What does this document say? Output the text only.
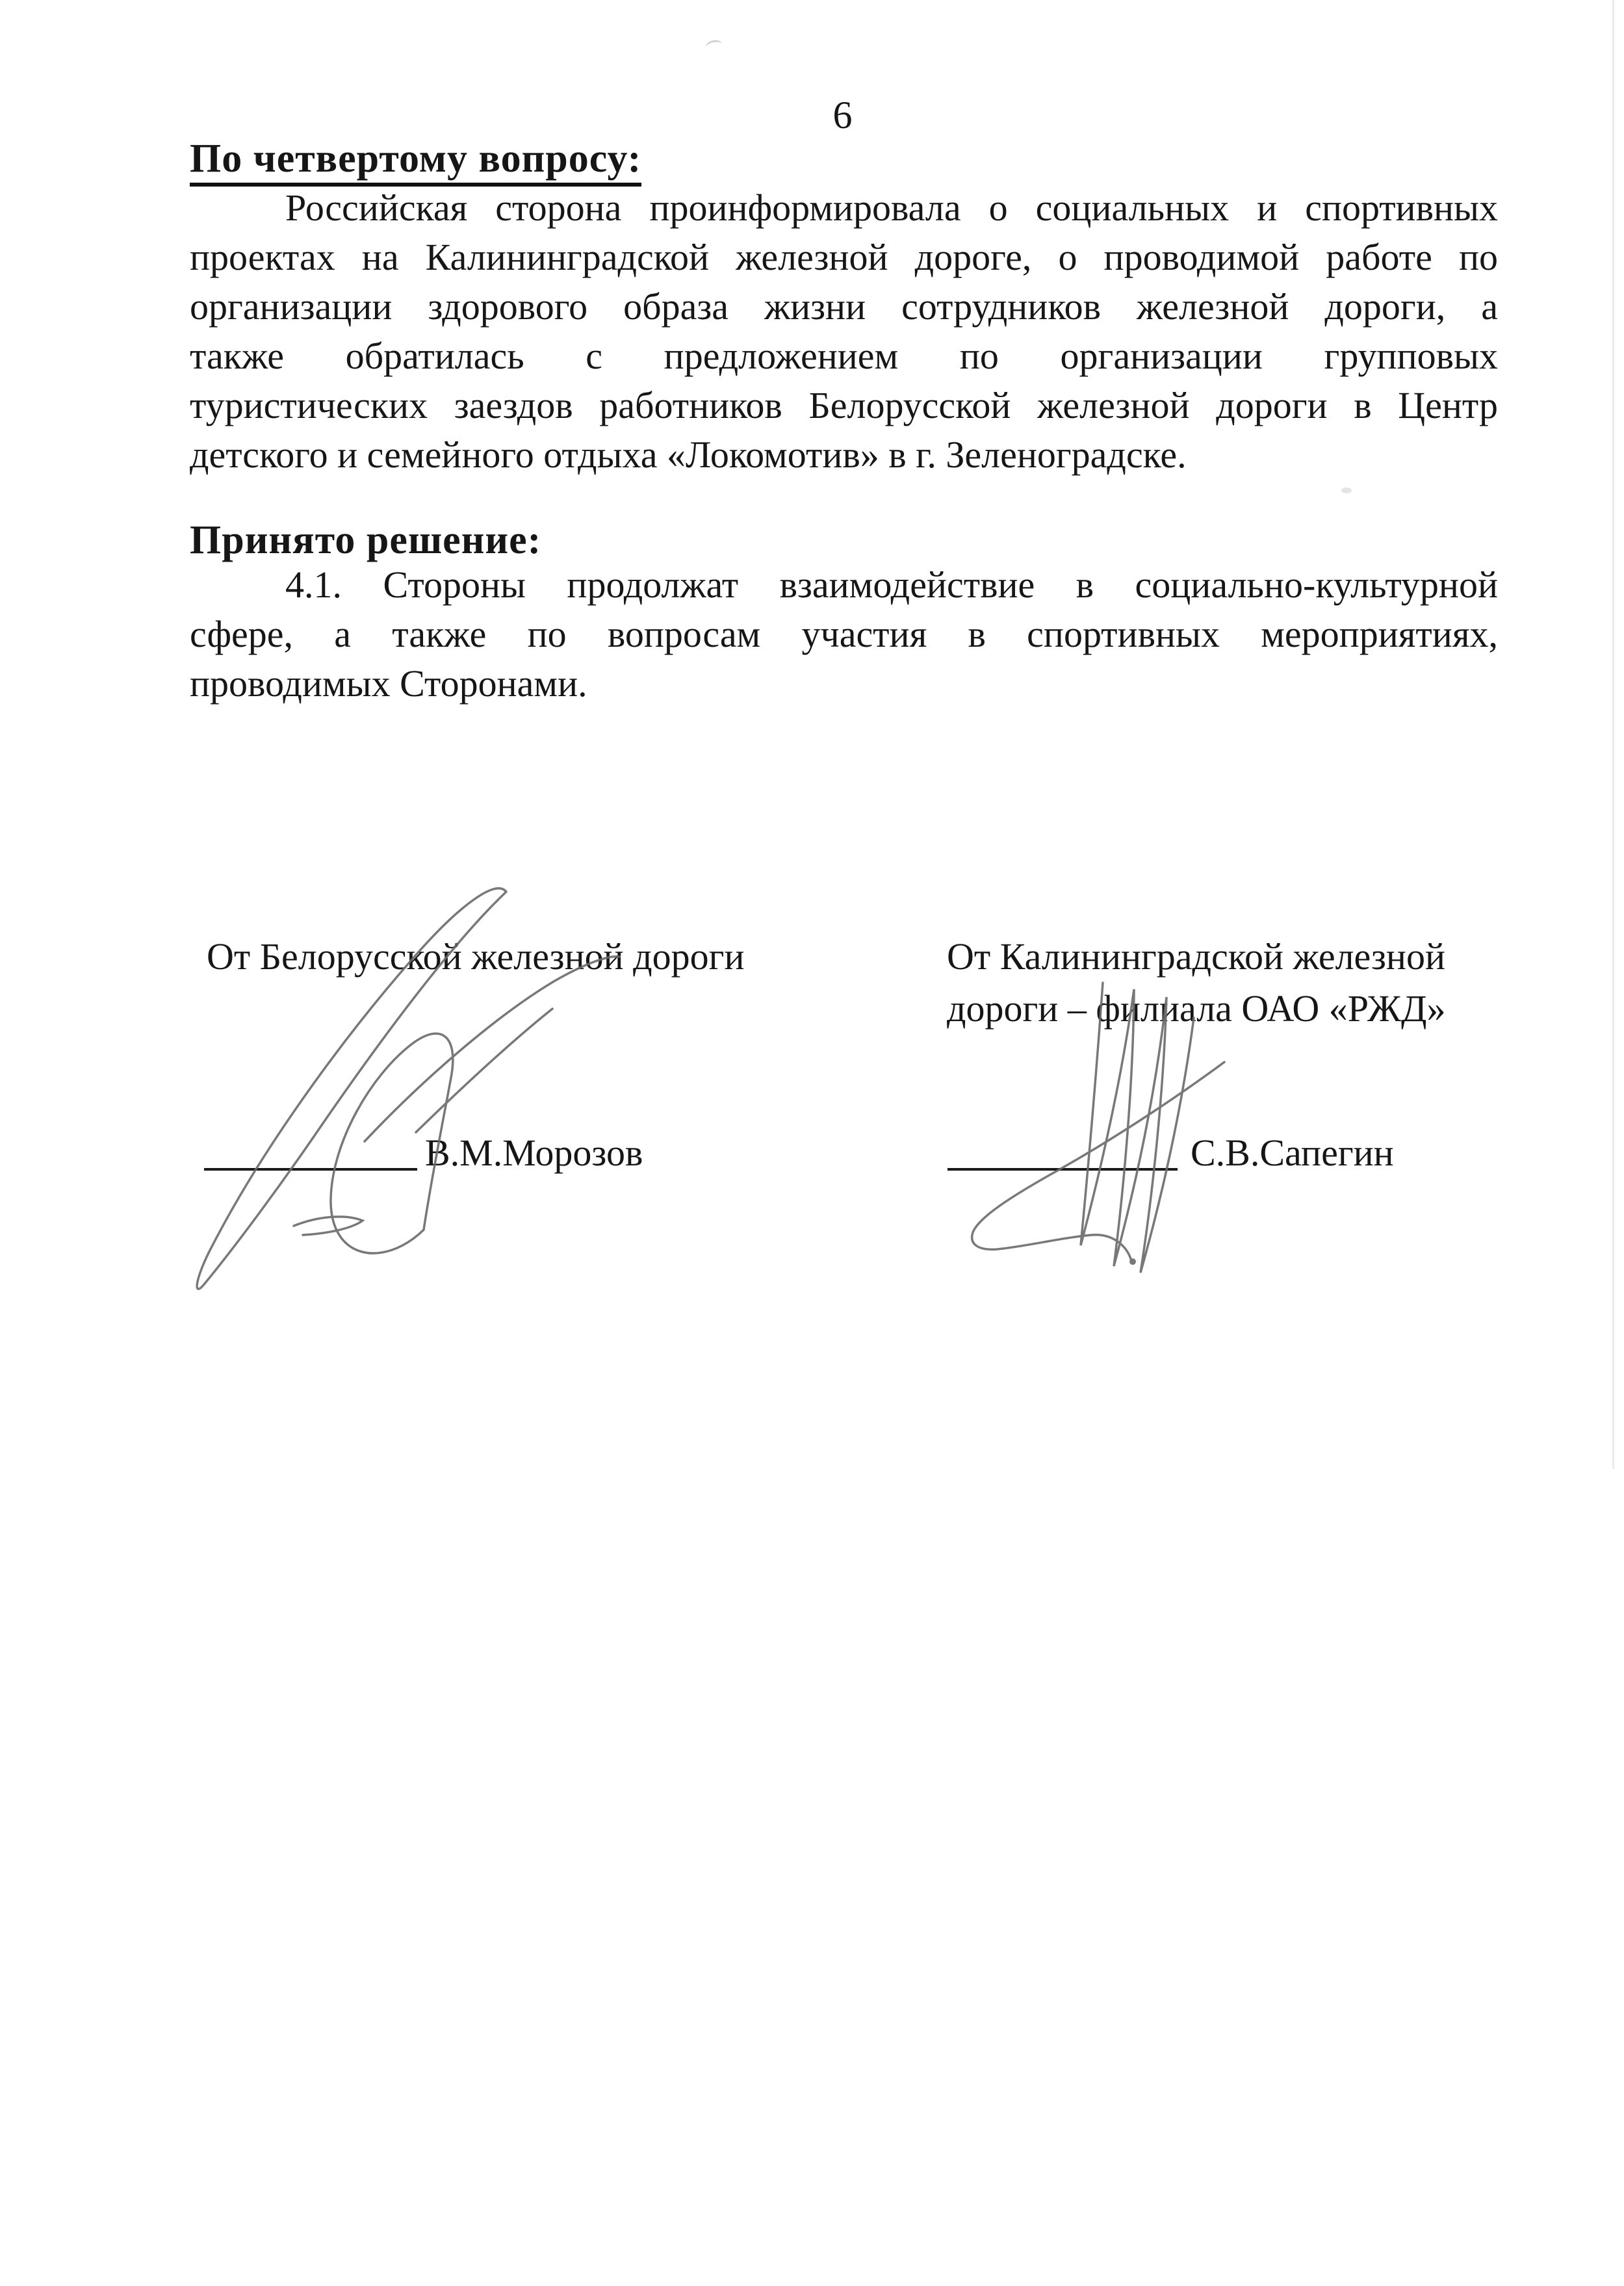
6
По четвертому вопросу:
Российская сторона проинформировала о социальных и спортивных
проектах на Калининградской железной дороге, о проводимой работе по
организации здорового образа жизни сотрудников железной дороги, а
также обратилась с предложением по организации групповых
туристических заездов работников Белорусской железной дороги в Центр
детского и семейного отдыха «Локомотив» в г. Зеленоградске.
Принято решение:
4.1. Стороны продолжат взаимодействие в социально-культурной
сфере, а также по вопросам участия в спортивных мероприятиях,
проводимых Сторонами.
От Белорусской железной дороги	От Калининградской железной
дороги – филиала ОАО «РЖД»
В.М.Морозов	С.В.Сапегин
